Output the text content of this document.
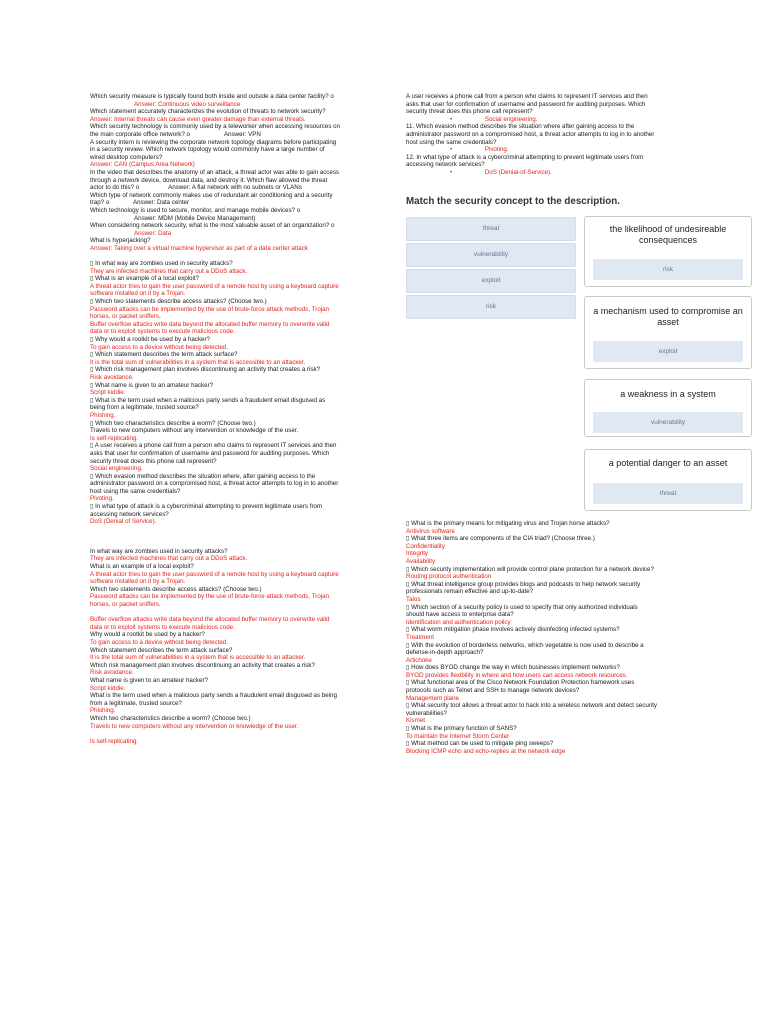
Which security measure is typically found both inside and outside a data center facility? o
Answer: Continuous video surveillance
Which statement accurately characterizes the evolution of threats to network security?
Answer: Internal threats can cause even greater damage than external threats.
Which security technology is commonly used by a teleworker when accessing resources on
the main corporate office network? o                    Answer: VPN
A security intern is reviewing the corporate network topology diagrams before participating
in a security review. Which network topology would commonly have a large number of
wired desktop computers?
Answer: CAN (Campus Area Network)
In the video that describes the anatomy of an attack, a threat actor was able to gain access
through a network device, download data, and destroy it. Which flaw allowed the threat
actor to do this? o                 Answer: A flat network with no subnets or VLANs
Which type of network commonly makes use of redundant air conditioning and a security
trap? o              Answer: Data center
Which technology is used to secure, monitor, and manage mobile devices? o
Answer: MDM (Mobile Device Management)
When considering network security, what is the most valuable asset of an organization? o
Answer: Data
What is hyperjacking?
Answer: Taking over a virtual machine hypervisor as part of a data center attack
▯ In what way are zombies used in security attacks?
They are infected machines that carry out a DDoS attack.
▯ What is an example of a local exploit?
A threat actor tries to gain the user password of a remote host by using a keyboard capture
software installed on it by a Trojan.
▯ Which two statements describe access attacks? (Choose two.)
Password attacks can be implemented by the use of brute-force attack methods, Trojan
horses, or packet sniffers.
Buffer overflow attacks write data beyond the allocated buffer memory to overwrite valid
data or to exploit systems to execute malicious code.
▯ Why would a rootkit be used by a hacker?
To gain access to a device without being detected.
▯ Which statement describes the term attack surface?
It is the total sum of vulnerabilities in a system that is accessible to an attacker.
▯ Which risk management plan involves discontinuing an activity that creates a risk?
Risk avoidance.
▯ What name is given to an amateur hacker?
Script kiddie.
▯ What is the term used when a malicious party sends a fraudulent email disguised as
being from a legitimate, trusted source?
Phishing.
▯ Which two characteristics describe a worm? (Choose two.)
Travels to new computers without any intervention or knowledge of the user.
Is self-replicating.
▯ A user receives a phone call from a person who claims to represent IT services and then
asks that user for confirmation of username and password for auditing purposes. Which
security threat does this phone call represent?
Social engineering.
▯ Which evasion method describes the situation where, after gaining access to the
administrator password on a compromised host, a threat actor attempts to log in to another
host using the same credentials?
Pivoting.
▯ In what type of attack is a cybercriminal attempting to prevent legitimate users from
accessing network services?
DoS (Denial of Service).
In what way are zombies used in security attacks?
They are infected machines that carry out a DDoS attack.
What is an example of a local exploit?
A threat actor tries to gain the user password of a remote host by using a keyboard capture
software installed on it by a Trojan.
Which two statements describe access attacks? (Choose two.)
Password attacks can be implemented by the use of brute-force attack methods, Trojan
horses, or packet sniffers.
Buffer overflow attacks write data beyond the allocated buffer memory to overwrite valid
data or to exploit systems to execute malicious code.
Why would a rootkit be used by a hacker?
To gain access to a device without being detected.
Which statement describes the term attack surface?
It is the total sum of vulnerabilities in a system that is accessible to an attacker.
Which risk management plan involves discontinuing an activity that creates a risk?
Risk avoidance.
What name is given to an amateur hacker?
Script kiddie.
What is the term used when a malicious party sends a fraudulent email disguised as being
from a legitimate, trusted source?
Phishing.
Which two characteristics describe a worm? (Choose two.)
Travels to new computers without any intervention or knowledge of the user.
Is self-replicating.
A user receives a phone call from a person who claims to represent IT services and then
asks that user for confirmation of username and password for auditing purposes. Which
security threat does this phone call represent?
•                   Social engineering.
11. Which evasion method describes the situation where after gaining access to the
administrator password on a compromised host, a threat actor attempts to log in to another
host using the same credentials?
•                   Pivoting.
12. In what type of attack is a cybercriminal attempting to prevent legitimate users from
accessing network services?
•                   DoS (Denial-of-Service).
Match the security concept to the description.
threat
vulnerability
exploit
risk
the likelihood of undesireable consequences
risk
a mechanism used to compromise an asset
exploit
a weakness in a system
vulnerability
a potential danger to an asset
threat
▯ What is the primary means for mitigating virus and Trojan horse attacks?
Antivirus software
▯ What three items are components of the CIA triad? (Choose three.)
Confidentiality
Integrity
Availability
▯ Which security implementation will provide control plane protection for a network device?
Routing protocol authentication
▯ What threat intelligence group provides blogs and podcasts to help network security
professionals remain effective and up-to-date?
Talos
▯ Which section of a security policy is used to specify that only authorized individuals
should have access to enterprise data?
Identification and authentication policy
▯ What worm mitigation phase involves actively disinfecting infected systems?
Treatment
▯ With the evolution of borderless networks, which vegetable is now used to describe a
defense-in-depth approach?
Artichoke
▯ How does BYOD change the way in which businesses implement networks?
BYOD provides flexibility in where and how users can access network resources.
▯ What functional area of the Cisco Network Foundation Protection framework uses
protocols such as Telnet and SSH to manage network devices?
Management plane
▯ What security tool allows a threat actor to hack into a wireless network and detect security
vulnerabilities?
Kismet
▯ What is the primary function of SANS?
To maintain the Internet Storm Center
▯ What method can be used to mitigate ping sweeps?
Blocking ICMP echo and echo-replies at the network edge
